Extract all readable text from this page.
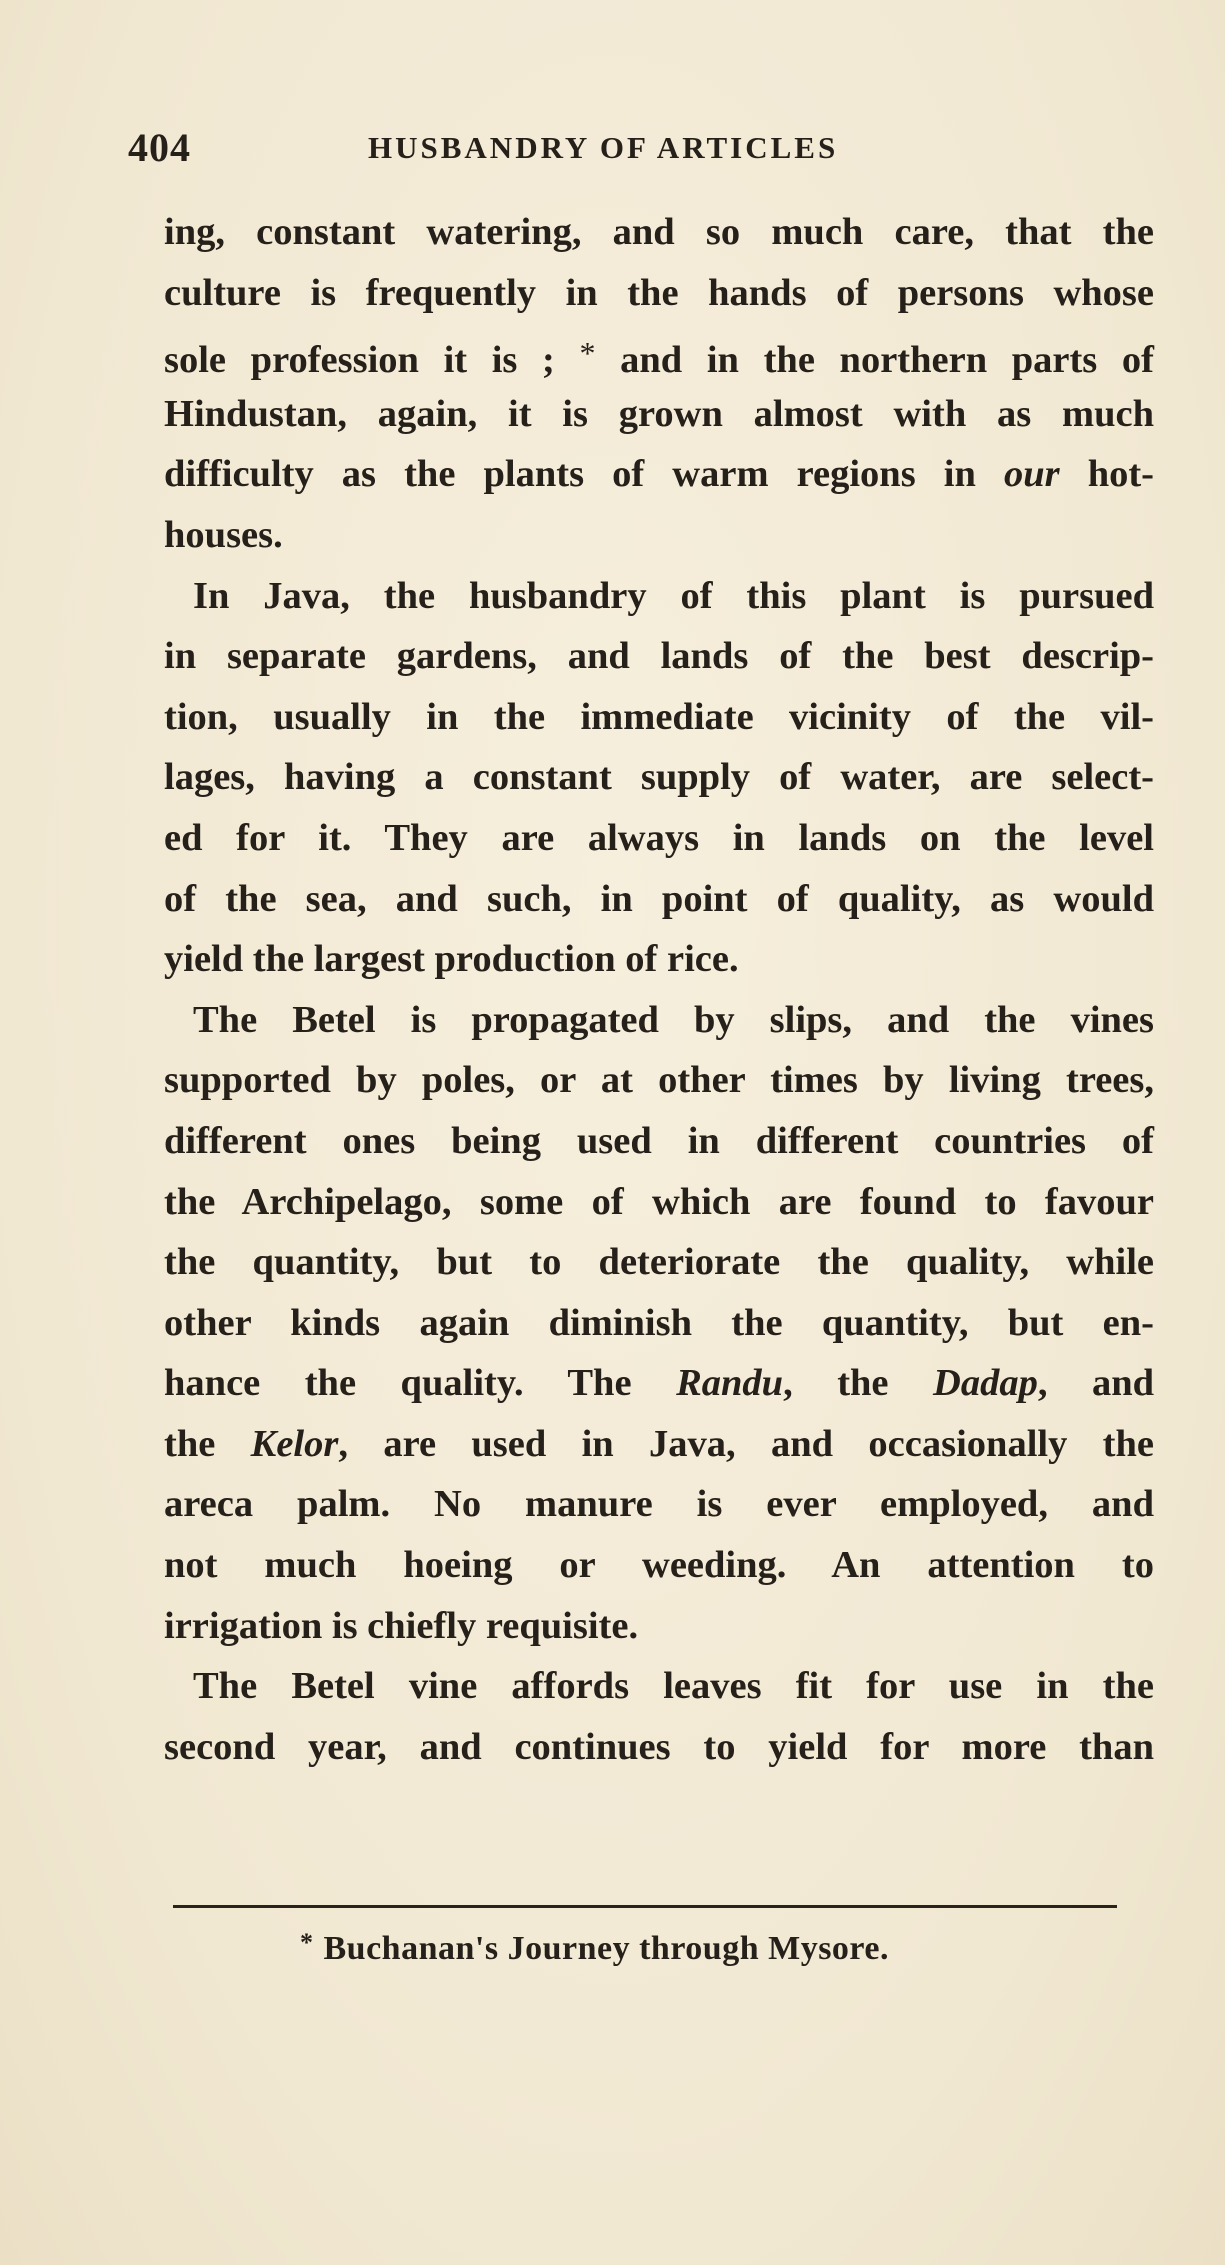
404	HUSBANDRY OF ARTICLES
ing, constant watering, and so much care, that the
culture is frequently in the hands of persons whose
sole profession it is ; * and in the northern parts of
Hindustan, again, it is grown almost with as much
difficulty as the plants of warm regions in our hot-
houses.
In Java, the husbandry of this plant is pursued
in separate gardens, and lands of the best descrip-
tion, usually in the immediate vicinity of the vil-
lages, having a constant supply of water, are select-
ed for it. They are always in lands on the level
of the sea, and such, in point of quality, as would
yield the largest production of rice.
The Betel is propagated by slips, and the vines
supported by poles, or at other times by living trees,
different ones being used in different countries of
the Archipelago, some of which are found to favour
the quantity, but to deteriorate the quality, while
other kinds again diminish the quantity, but en-
hance the quality. The Randu, the Dadap, and
the Kelor, are used in Java, and occasionally the
areca palm. No manure is ever employed, and
not much hoeing or weeding. An attention to
irrigation is chiefly requisite.
The Betel vine affords leaves fit for use in the
second year, and continues to yield for more than
* Buchanan's Journey through Mysore.
